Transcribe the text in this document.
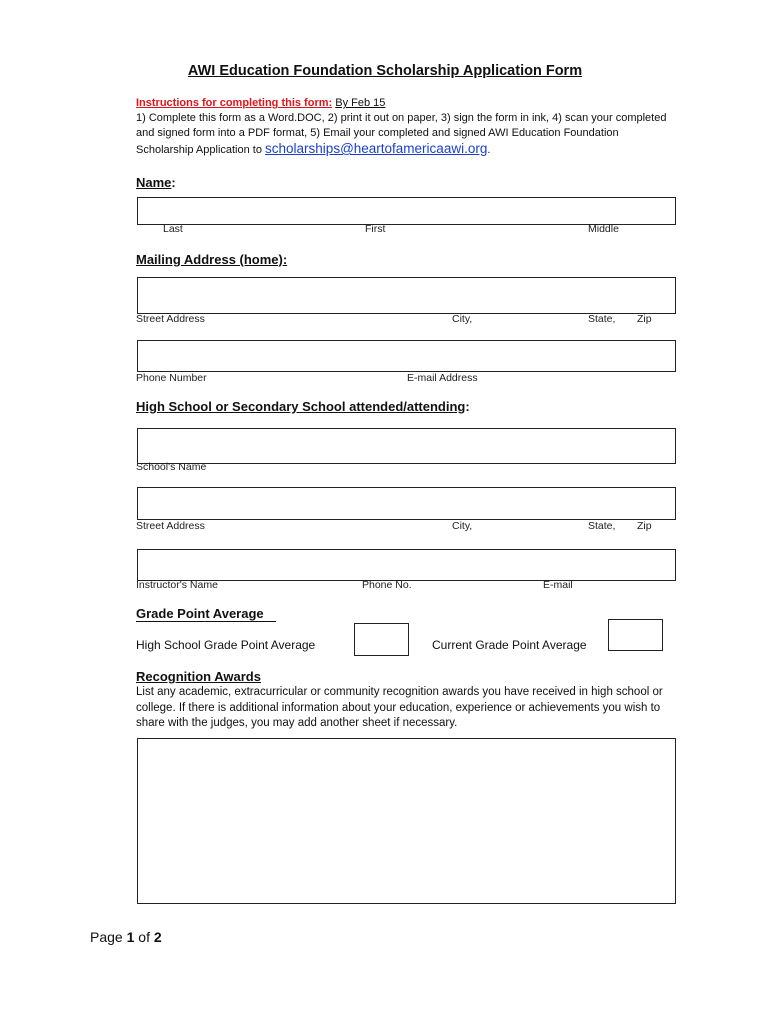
AWI Education Foundation Scholarship Application Form
Instructions for completing this form: By Feb 15
1) Complete this form as a Word.DOC, 2) print it out on paper, 3) sign the form in ink, 4) scan your completed and signed form into a PDF format, 5) Email your completed and signed AWI Education Foundation Scholarship Application to scholarships@heartofamericaawi.org.
Name:
Last	First	Middle
Mailing Address (home):
Street Address	City,	State, Zip
Phone Number	E-mail Address
High School or Secondary School attended/attending:
School's Name
Street Address	City,	State, Zip
Instructor's Name	Phone No.	E-mail
Grade Point Average
High School Grade Point Average	Current Grade Point Average
Recognition Awards
List any academic, extracurricular or community recognition awards you have received in high school or college. If there is additional information about your education, experience or achievements you wish to share with the judges, you may add another sheet if necessary.
Page 1 of 2
